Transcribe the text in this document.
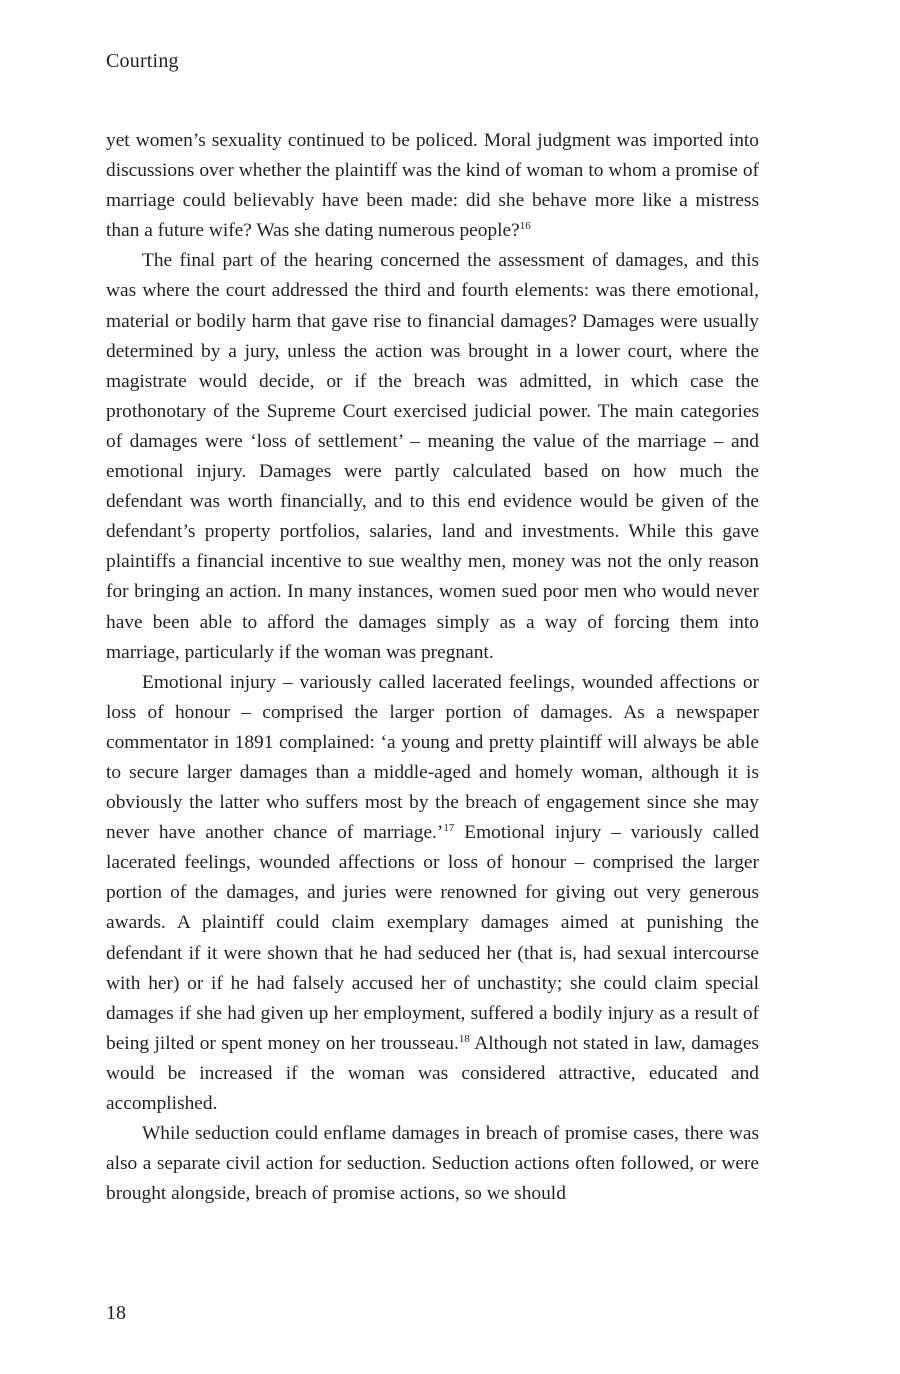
Courting

yet women’s sexuality continued to be policed. Moral judgment was imported into discussions over whether the plaintiff was the kind of woman to whom a promise of marriage could believably have been made: did she behave more like a mistress than a future wife? Was she dating numerous people?$^{16}$

The final part of the hearing concerned the assessment of damages, and this was where the court addressed the third and fourth elements: was there emotional, material or bodily harm that gave rise to financial damages? Damages were usually determined by a jury, unless the action was brought in a lower court, where the magistrate would decide, or if the breach was admitted, in which case the prothonotary of the Supreme Court exercised judicial power. The main categories of damages were ‘loss of settlement’ – meaning the value of the marriage – and emotional injury. Damages were partly calculated based on how much the defendant was worth financially, and to this end evidence would be given of the defendant’s property portfolios, salaries, land and investments. While this gave plaintiffs a financial incentive to sue wealthy men, money was not the only reason for bringing an action. In many instances, women sued poor men who would never have been able to afford the damages simply as a way of forcing them into marriage, particularly if the woman was pregnant.

Emotional injury – variously called lacerated feelings, wounded affections or loss of honour – comprised the larger portion of damages. As a newspaper commentator in 1891 complained: ‘a young and pretty plaintiff will always be able to secure larger damages than a middle-aged and homely woman, although it is obviously the latter who suffers most by the breach of engagement since she may never have another chance of marriage.’$^{17}$ Emotional injury – variously called lacerated feelings, wounded affections or loss of honour – comprised the larger portion of the damages, and juries were renowned for giving out very generous awards. A plaintiff could claim exemplary damages aimed at punishing the defendant if it were shown that he had seduced her (that is, had sexual intercourse with her) or if he had falsely accused her of unchastity; she could claim special damages if she had given up her employment, suffered a bodily injury as a result of being jilted or spent money on her trousseau.$^{18}$ Although not stated in law, damages would be increased if the woman was considered attractive, educated and accomplished.

While seduction could enflame damages in breach of promise cases, there was also a separate civil action for seduction. Seduction actions often followed, or were brought alongside, breach of promise actions, so we should

18
